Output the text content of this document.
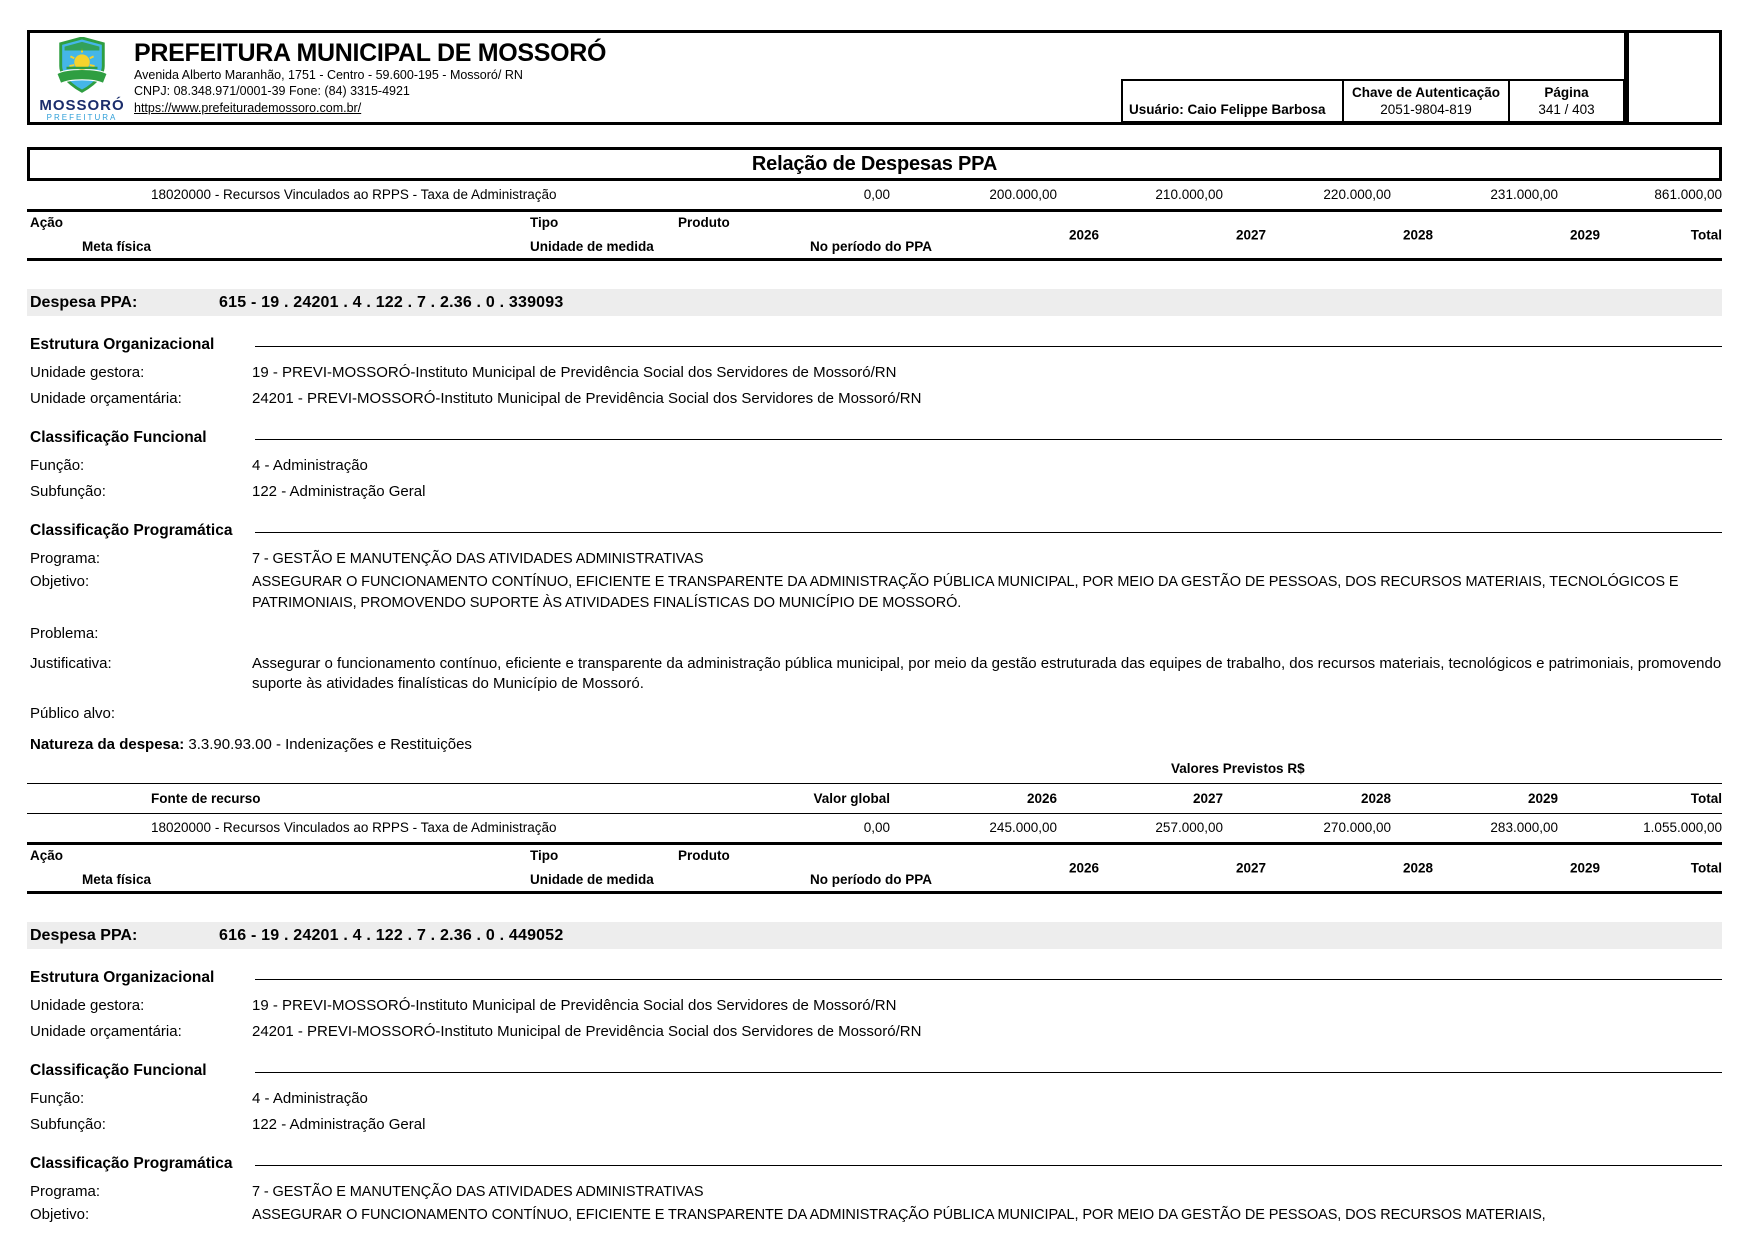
MOSSORÓ
PREFEITURA
PREFEITURA MUNICIPAL DE MOSSORÓ
Avenida Alberto Maranhão, 1751 - Centro - 59.600-195 - Mossoró/ RN
CNPJ: 08.348.971/0001-39 Fone: (84) 3315-4921
https://www.prefeiturademossoro.com.br/	Usuário: Caio Felippe Barbosa
Chave de Autenticação
2051-9804-819
Página
341 / 403
Relação de Despesas PPA
18020000 - Recursos Vinculados ao RPPS - Taxa de Administração	0,00	200.000,00	210.000,00	220.000,00	231.000,00	861.000,00
Ação	Tipo	Produto
Meta física	Unidade de medida	No período do PPA
2026	2027	2028	2029	Total
Despesa PPA:	615 - 19 . 24201 . 4 . 122 . 7 . 2.36 . 0 . 339093
Estrutura Organizacional
Unidade gestora:	19 - PREVI-MOSSORÓ-Instituto Municipal de Previdência Social dos Servidores de Mossoró/RN
Unidade orçamentária:	24201 - PREVI-MOSSORÓ-Instituto Municipal de Previdência Social dos Servidores de Mossoró/RN
Classificação Funcional
Função:	4 - Administração
Subfunção:	122 - Administração Geral
Classificação Programática
Programa:	7 - GESTÃO E MANUTENÇÃO DAS ATIVIDADES ADMINISTRATIVAS
Objetivo:	ASSEGURAR O FUNCIONAMENTO CONTÍNUO, EFICIENTE E TRANSPARENTE DA ADMINISTRAÇÃO PÚBLICA MUNICIPAL, POR MEIO DA GESTÃO DE PESSOAS, DOS RECURSOS MATERIAIS, TECNOLÓGICOS E PATRIMONIAIS, PROMOVENDO SUPORTE ÀS ATIVIDADES FINALÍSTICAS DO MUNICÍPIO DE MOSSORÓ.
Problema:
Justificativa:	Assegurar o funcionamento contínuo, eficiente e transparente da administração pública municipal, por meio da gestão estruturada das equipes de trabalho, dos recursos materiais, tecnológicos e patrimoniais, promovendo suporte às atividades finalísticas do Município de Mossoró.
Público alvo:
Natureza da despesa: 3.3.90.93.00 - Indenizações e Restituições
Valores Previstos R$
Fonte de recurso	Valor global	2026	2027	2028	2029	Total
18020000 - Recursos Vinculados ao RPPS - Taxa de Administração	0,00	245.000,00	257.000,00	270.000,00	283.000,00	1.055.000,00
Ação	Tipo	Produto
Meta física	Unidade de medida	No período do PPA
2026	2027	2028	2029	Total
Despesa PPA:	616 - 19 . 24201 . 4 . 122 . 7 . 2.36 . 0 . 449052
Estrutura Organizacional
Unidade gestora:	19 - PREVI-MOSSORÓ-Instituto Municipal de Previdência Social dos Servidores de Mossoró/RN
Unidade orçamentária:	24201 - PREVI-MOSSORÓ-Instituto Municipal de Previdência Social dos Servidores de Mossoró/RN
Classificação Funcional
Função:	4 - Administração
Subfunção:	122 - Administração Geral
Classificação Programática
Programa:	7 - GESTÃO E MANUTENÇÃO DAS ATIVIDADES ADMINISTRATIVAS
Objetivo:	ASSEGURAR O FUNCIONAMENTO CONTÍNUO, EFICIENTE E TRANSPARENTE DA ADMINISTRAÇÃO PÚBLICA MUNICIPAL, POR MEIO DA GESTÃO DE PESSOAS, DOS RECURSOS MATERIAIS,
